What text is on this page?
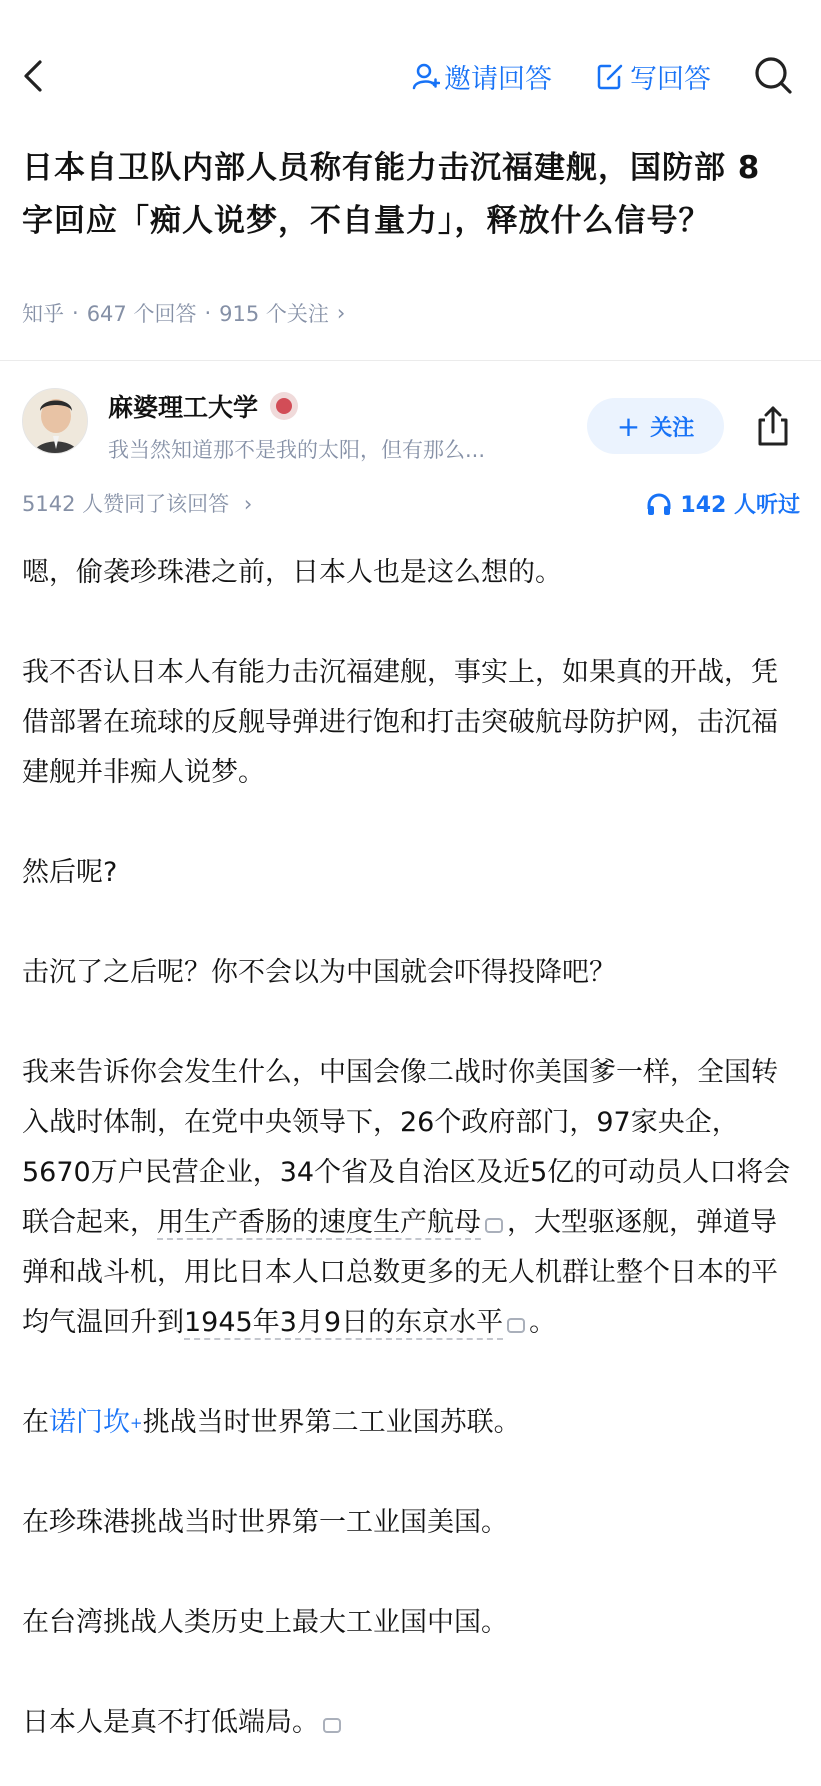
邀请回答	写回答
日本自卫队内部人员称有能力击沉福建舰，国防部 8 字回应「痴人说梦，不自量力」，释放什么信号？
知乎 · 647 个回答 · 915 个关注 ›
麻婆理工大学
我当然知道那不是我的太阳，但有那么...
+ 关注
5142 人赞同了该回答 ›	142 人听过

嗯，偷袭珍珠港之前，日本人也是这么想的。

我不否认日本人有能力击沉福建舰，事实上，如果真的开战，凭借部署在琉球的反舰导弹进行饱和打击突破航母防护网，击沉福建舰并非痴人说梦。

然后呢?

击沉了之后呢？你不会以为中国就会吓得投降吧？

我来告诉你会发生什么，中国会像二战时你美国爹一样，全国转入战时体制，在党中央领导下，26个政府部门，97家央企，5670万户民营企业，34个省及自治区及近5亿的可动员人口将会联合起来，用生产香肠的速度生产航母 ，大型驱逐舰，弹道导弹和战斗机，用比日本人口总数更多的无人机群让整个日本的平均气温回升到1945年3月9日的东京水平 。

在诺门坎+挑战当时世界第二工业国苏联。

在珍珠港挑战当时世界第一工业国美国。

在台湾挑战人类历史上最大工业国中国。

日本人是真不打低端局。
